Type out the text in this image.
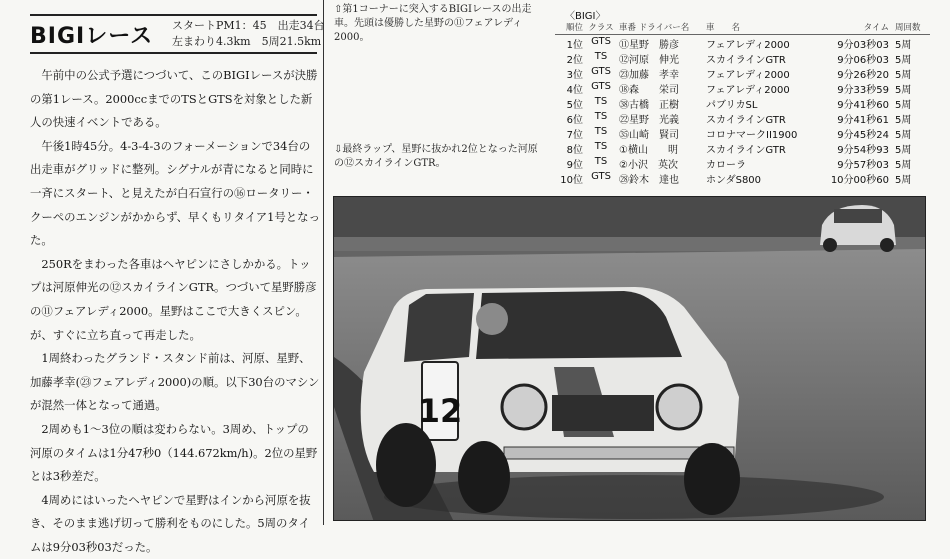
BIGIレース スタートPM1：45　出走34台
左まわり4.3km　5周21.5km

午前中の公式予選につづいて、このBIGIレースが決勝の第1レース。2000ccまでのTSとGTSを対象とした新人の快速イベントである。

午後1時45分。4-3-4-3のフォーメーションで34台の出走車がグリッドに整列。シグナルが青になると同時に一斉にスタート、と見えたが白石宣行の⑯ロータリー・クーペのエンジンがかからず、早くもリタイア1号となった。

250Rをまわった各車はヘヤピンにさしかかる。トップは河原伸光の⑫スカイラインGTR。つづいて星野勝彦の⑪フェアレディ2000。星野はここで大きくスピン。が、すぐに立ち直って再走した。

1周終わったグランド・スタンド前は、河原、星野、加藤孝幸(㉓フェアレディ2000)の順。以下30台のマシンが混然一体となって通過。

2周めも1～3位の順は変わらない。3周め、トップの河原のタイムは1分47秒0（144.672km/h)。2位の星野とは3秒差だ。

4周めにはいったヘヤピンで星野はインから河原を抜き、そのまま逃げ切って勝利をものにした。5周のタイムは9分03秒03だった。

⇧第1コーナーに突入するBIGIレースの出走車。先頭は優勝した星野の⑪フェアレディ2000。
⇩最終ラップ、星野に抜かれ2位となった河原の⑫スカイラインGTR。
〈BIGI〉
順位 クラス 車番 ドライバー名	車　　名	タイム 周回数
1位 GTS ⑪星野　勝彦	フェアレディ2000	9分03秒03 5周
2位	TS	⑫河原　伸光	スカイラインGTR	9分06秒03 5周
3位 GTS ㉓加藤　孝幸	フェアレディ2000	9分26秒20 5周
4位 GTS ⑱森　　栄司	フェアレディ2000	9分33秒59 5周
5位	TS	㊳古橋　正樹	パブリカSL	9分41秒60 5周
6位	TS	㉒星野　光義	スカイラインGTR	9分41秒61 5周
7位	TS	㉟山崎　賢司	コロナマークII1900	9分45秒24 5周
8位	TS	①横山　　明	スカイラインGTR	9分54秒93 5周
9位	TS	②小沢　英次	カローラ	9分57秒03 5周
10位 GTS ㉘鈴木　達也	ホンダS800	10分00秒60 5周
12
